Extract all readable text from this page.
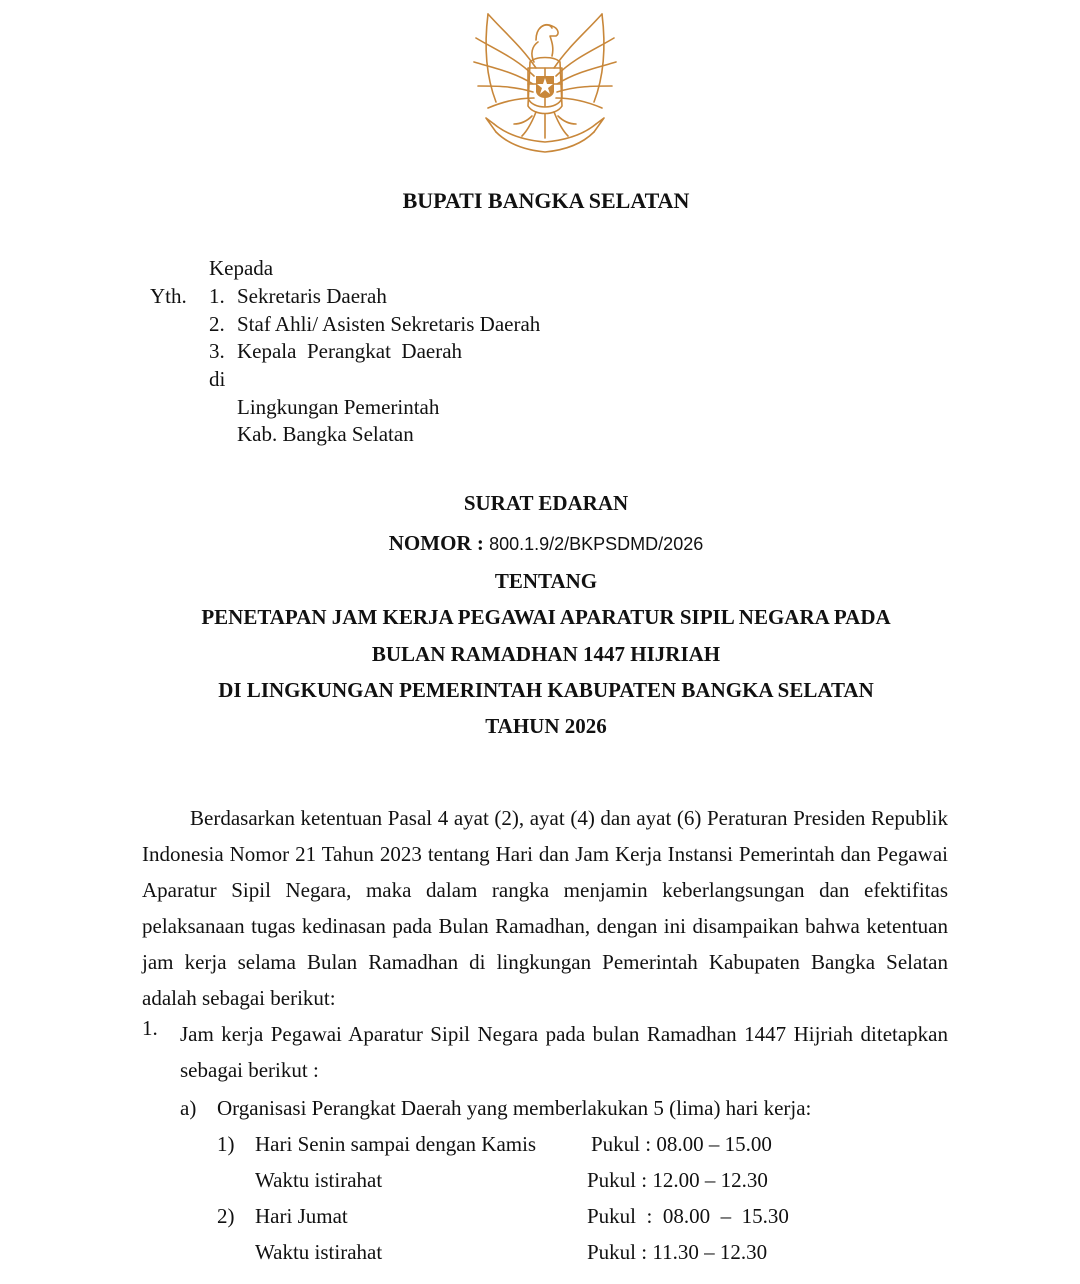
BUPATI BANGKA SELATAN
Kepada
Yth. 1. Sekretaris Daerah
2. Staf Ahli/ Asisten Sekretaris Daerah
3. Kepala  Perangkat  Daerah
di
Lingkungan Pemerintah
Kab. Bangka Selatan
SURAT EDARAN
NOMOR : 800.1.9/2/BKPSDMD/2026
TENTANG
PENETAPAN JAM KERJA PEGAWAI APARATUR SIPIL NEGARA PADA
BULAN RAMADHAN 1447 HIJRIAH
DI LINGKUNGAN PEMERINTAH KABUPATEN BANGKA SELATAN
TAHUN 2026
Berdasarkan ketentuan Pasal 4 ayat (2), ayat (4) dan ayat (6) Peraturan Presiden Republik Indonesia Nomor 21 Tahun 2023 tentang Hari dan Jam Kerja Instansi Pemerintah dan Pegawai Aparatur Sipil Negara, maka dalam rangka menjamin keberlangsungan dan efektifitas pelaksanaan tugas kedinasan pada Bulan Ramadhan, dengan ini disampaikan bahwa ketentuan jam kerja selama Bulan Ramadhan di lingkungan Pemerintah Kabupaten Bangka Selatan adalah sebagai berikut:
1. Jam kerja Pegawai Aparatur Sipil Negara pada bulan Ramadhan 1447 Hijriah ditetapkan sebagai berikut :
a) Organisasi Perangkat Daerah yang memberlakukan 5 (lima) hari kerja:
1) Hari Senin sampai dengan Kamis	Pukul : 08.00 – 15.00
Waktu istirahat	Pukul : 12.00 – 12.30
2) Hari Jumat	Pukul  :  08.00  –  15.30
Waktu istirahat	Pukul : 11.30 – 12.30
